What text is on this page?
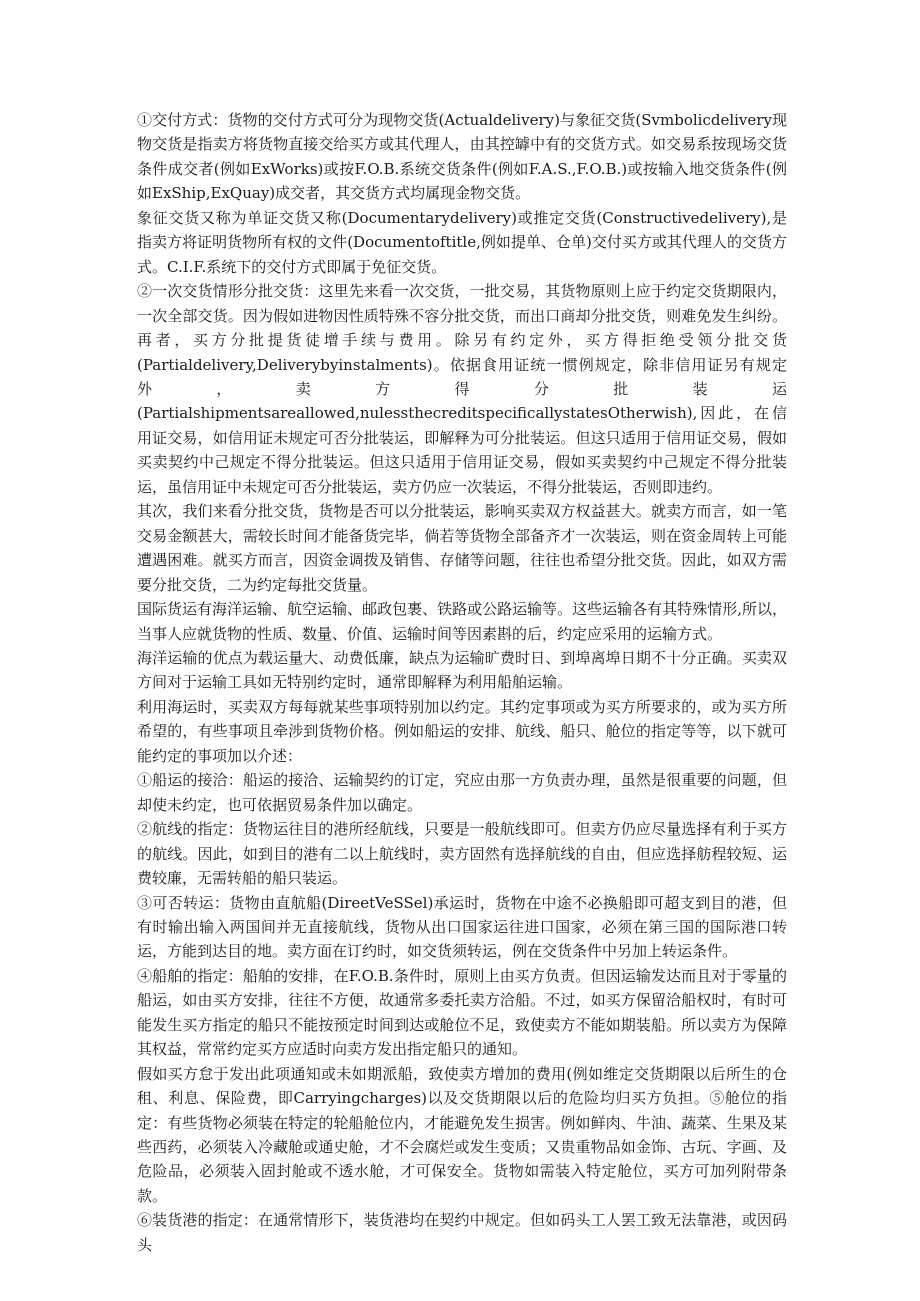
①交付方式：货物的交付方式可分为现物交货(Actualdelivery)与象征交货(Svmbolicdelivery现物交货是指卖方将货物直接交给买方或其代理人，由其控罅中有的交货方式。如交易系按现场交货条件成交者(例如ExWorks)或按F.O.B.系统交货条件(例如F.A.S.,F.O.B.)或按输入地交货条件(例如ExShip,ExQuay)成交者，其交货方式均属现金物交货。

象征交货又称为单证交货又称(Documentarydelivery)或推定交货(Constructivedelivery),是指卖方将证明货物所有权的文件(Documentoftitle,例如提单、仓单)交付买方或其代理人的交货方式。C.I.F.系统下的交付方式即属于免征交货。

②一次交货情形分批交货：这里先来看一次交货，一批交易，其货物原则上应于约定交货期限内，一次全部交货。因为假如进物因性质特殊不容分批交货，而出口商却分批交货，则难免发生纠纷。再者，买方分批提货徒增手续与费用。除另有约定外，买方得拒绝受领分批交货(Partialdelivery,Deliverybyinstalments)。依据食用证统一惯例规定，除非信用证另有规定外，卖方得分批装运(Partialshipmentsareallowed,nulessthecreditspecificallystatesOtherwish),因此，在信用证交易，如信用证未规定可否分批装运，即解释为可分批装运。但这只适用于信用证交易，假如买卖契约中己规定不得分批装运。但这只适用于信用证交易，假如买卖契约中己规定不得分批装运，虽信用证中未规定可否分批装运，卖方仍应一次装运，不得分批装运，否则即违约。

其次，我们来看分批交货，货物是否可以分批装运，影响买卖双方权益甚大。就卖方而言，如一笔交易金额甚大，需较长时间才能备货完毕，倘若等货物全部备齐才一次装运，则在资金周转上可能遭遇困难。就买方而言，因资金调拨及销售、存储等问题，往往也希望分批交货。因此，如双方需要分批交货，二为约定每批交货量。

国际货运有海洋运输、航空运输、邮政包裹、铁路或公路运输等。这些运输各有其特殊情形,所以，当事人应就货物的性质、数量、价值、运输时间等因素斟的后，约定应采用的运输方式。

海洋运输的优点为载运量大、动费低廉，缺点为运输旷费时日、到埠离埠日期不十分正确。买卖双方间对于运输工具如无特别约定时，通常即解释为利用船舶运输。

利用海运时，买卖双方每每就某些事项特别加以约定。其约定事项或为买方所要求的，或为买方所希望的，有些事项且牵涉到货物价格。例如船运的安排、航线、船只、舱位的指定等等，以下就可能约定的事项加以介述：

①船运的接洽：船运的接洽、运输契约的订定，究应由那一方负责办理，虽然是很重要的问题，但却使未约定，也可依据贸易条件加以确定。

②航线的指定：货物运往目的港所经航线，只要是一般航线即可。但卖方仍应尽量选择有利于买方的航线。因此，如到目的港有二以上航线时，卖方固然有选择航线的自由，但应选择舫程较短、运费较廉，无需转船的船只装运。

③可否转运：货物由直航船(DireetVeSSel)承运时，货物在中途不必换船即可超支到目的港，但有时输出输入两国间并无直接航线，货物从出口国家运往进口国家，必须在第三国的国际港口转运，方能到达目的地。卖方面在订约时，如交货须转运，例在交货条件中另加上转运条件。

④船舶的指定：船舶的安排，在F.O.B.条件时，原则上由买方负责。但因运输发达而且对于零量的船运，如由买方安排，往往不方便，故通常多委托卖方洽船。不过，如买方保留洽船权时，有时可能发生买方指定的船只不能按预定时间到达或舱位不足，致使卖方不能如期装船。所以卖方为保障其权益，常常约定买方应适时向卖方发出指定船只的通知。

假如买方怠于发出此项通知或未如期派船，致使卖方增加的费用(例如维定交货期限以后所生的仓租、利息、保险费，即Carryingcharges)以及交货期限以后的危险均归买方负担。⑤舱位的指定：有些货物必须装在特定的轮船舱位内，才能避免发生损害。例如鲜肉、牛油、蔬菜、生果及某些西药，必须装入冷藏舱或通史舱，才不会腐烂或发生变质；又贵重物品如金饰、古玩、字画、及危险品，必须装入固封舱或不透水舱，才可保安全。货物如需装入特定舱位，买方可加列附带条款。

⑥装货港的指定：在通常情形下，装货港均在契约中规定。但如码头工人罢工致无法靠港，或因码头
